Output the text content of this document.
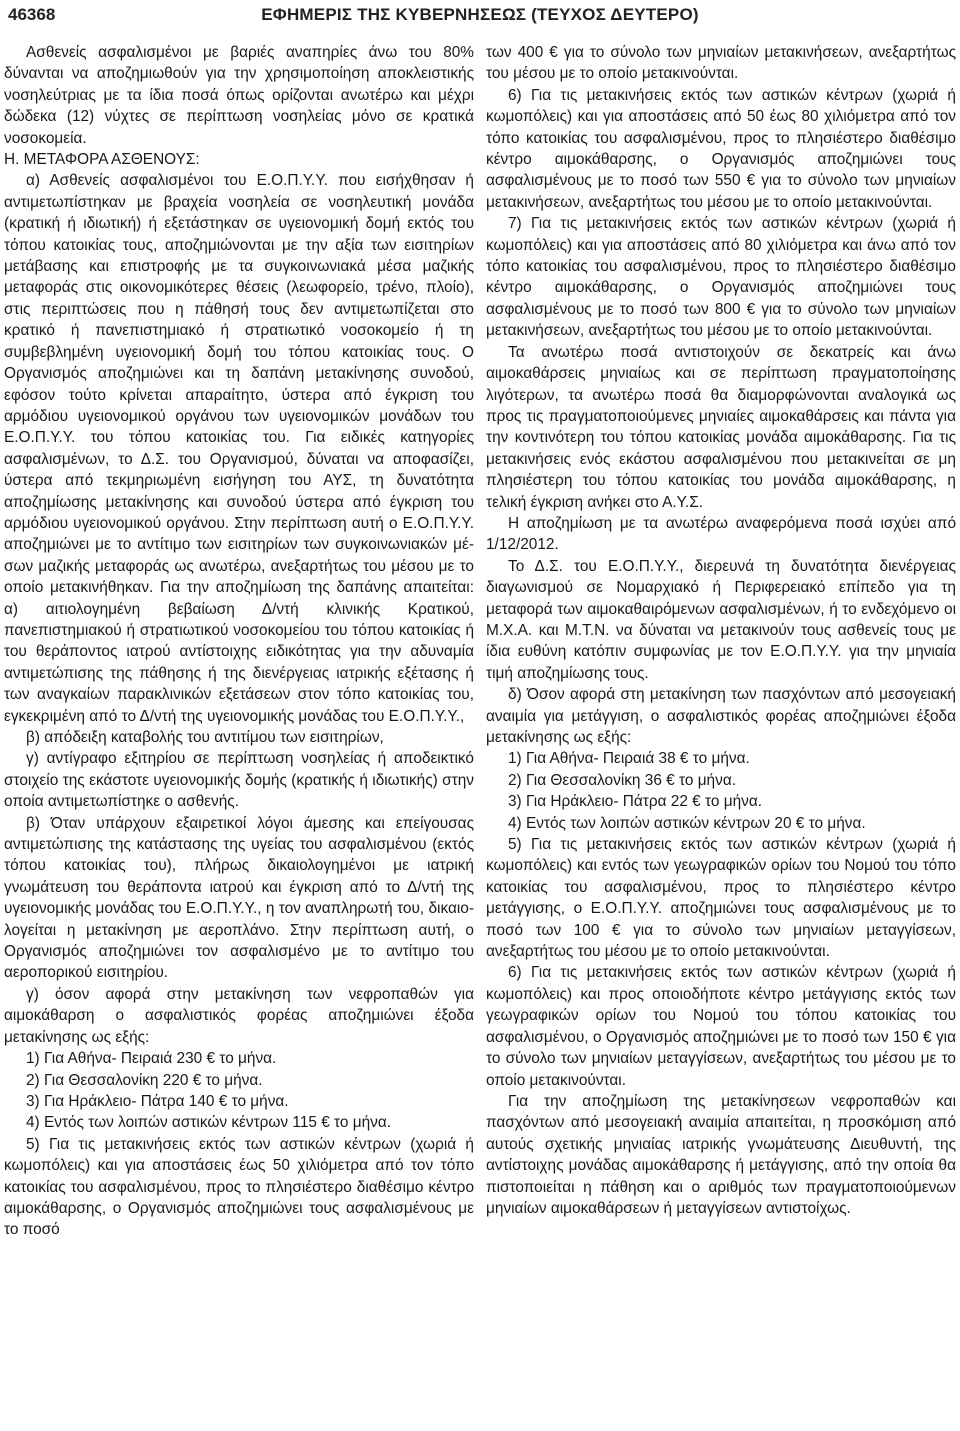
46368	ΕΦΗΜΕΡΙΣ ΤΗΣ ΚΥΒΕΡΝΗΣΕΩΣ (ΤΕΥΧΟΣ ΔΕΥΤΕΡΟ)

Ασθενείς ασφαλισμένοι με βαριές αναπηρίες άνω του 80% δύνανται να αποζημιωθούν για την χρησιμοποίηση αποκλειστικής νοσηλεύτριας με τα ίδια ποσά όπως ορίζονται ανωτέρω και μέχρι δώδεκα (12) νύχτες σε περίπτωση νοσηλείας μόνο σε κρατικά νοσοκομεία.

Η. ΜΕΤΑΦΟΡΑ ΑΣΘΕΝΟΥΣ:

α) Ασθενείς ασφαλισμένοι του Ε.Ο.Π.Υ.Υ. που εισήχθησαν ή αντιμετωπίστηκαν με βραχεία νοσηλεία σε νοσηλευτική μονάδα (κρατική ή ιδιωτική) ή εξετάστηκαν σε υγειονομική δομή εκτός του τόπου κατοικίας τους, αποζημιώνονται με την αξία των εισιτηρίων μετάβασης και επιστροφής με τα συγκοινωνιακά μέσα μαζικής μεταφοράς στις οικονομικότερες θέσεις (λεωφορείο, τρένο, πλοίο), στις περιπτώσεις που η πάθησή τους δεν αντιμετωπίζεται στο κρατικό ή πανεπιστημιακό ή στρατιωτικό νοσοκομείο ή τη συμβεβλημένη υγειονομική δομή του τόπου κατοικίας τους. Ο Οργανισμός αποζημιώνει και τη δαπάνη μετακίνησης συνοδού, εφόσον τούτο κρίνεται απαραίτητο, ύστερα από έγκριση του αρμόδιου υγειονομικού οργάνου των υγειονομικών μονάδων του Ε.Ο.Π.Υ.Υ. του τόπου κατοικίας του. Για ειδικές κατηγορίες ασφαλισμένων, το Δ.Σ. του Οργανισμού, δύναται να αποφασίζει, ύστερα από τεκμηριωμένη εισήγηση του ΑΥΣ, τη δυνατότητα αποζημίωσης μετακίνησης και συνοδού ύστερα από έγκριση του αρμόδιου υγειονομικού οργάνου. Στην περίπτωση αυτή ο Ε.Ο.Π.Υ.Υ. αποζημιώνει με το αντίτιμο των εισιτηρίων των συγκοινωνιακών μέσων μαζικής μεταφοράς ως ανωτέρω, ανεξαρτήτως του μέσου με το οποίο μετακινήθηκαν. Για την αποζημίωση της δαπάνης απαιτείται: α) αιτιολογημένη βεβαίωση Δ/ντή κλινικής Κρατικού, πανεπιστημιακού ή στρατιωτικού νοσοκομείου του τόπου κατοικίας ή του θεράποντος ιατρού αντίστοιχης ειδικότητας για την αδυναμία αντιμετώπισης της πάθησης ή της διενέργειας ιατρικής εξέτασης ή των αναγκαίων παρακλινικών εξετάσεων στον τόπο κατοικίας του, εγκεκριμένη από το Δ/ντή της υγειονομικής μονάδας του Ε.Ο.Π.Υ.Υ.,

β) απόδειξη καταβολής του αντιτίμου των εισιτηρίων,

γ) αντίγραφο εξιτηρίου σε περίπτωση νοσηλείας ή αποδεικτικό στοιχείο της εκάστοτε υγειονομικής δομής (κρατικής ή ιδιωτικής) στην οποία αντιμετωπίστηκε ο ασθενής.

β) Όταν υπάρχουν εξαιρετικοί λόγοι άμεσης και επείγουσας αντιμετώπισης της κατάστασης της υγείας του ασφαλισμένου (εκτός τόπου κατοικίας του), πλήρως δικαιολογημένοι με ιατρική γνωμάτευση του θεράποντα ιατρού και έγκριση από το Δ/ντή της υγειονομικής μονάδας του Ε.Ο.Π.Υ.Υ., η τον αναπληρωτή του, δικαιολογείται η μετακίνηση με αεροπλάνο. Στην περίπτωση αυτή, ο Οργανισμός αποζημιώνει τον ασφαλισμένο με το αντίτιμο του αεροπορικού εισιτηρίου.

γ) όσον αφορά στην μετακίνηση των νεφροπαθών για αιμοκάθαρση ο ασφαλιστικός φορέας αποζημιώνει έξοδα μετακίνησης ως εξής:

1) Για Αθήνα- Πειραιά 230 € το μήνα.

2) Για Θεσσαλονίκη 220 € το μήνα.

3) Για Ηράκλειο- Πάτρα 140 € το μήνα.

4) Εντός των λοιπών αστικών κέντρων 115 € το μήνα.

5) Για τις μετακινήσεις εκτός των αστικών κέντρων (χωριά ή κωμοπόλεις) και για αποστάσεις έως 50 χιλιόμετρα από τον τόπο κατοικίας του ασφαλισμένου, προς το πλησιέστερο διαθέσιμο κέντρο αιμοκάθαρσης, ο Οργανισμός αποζημιώνει τους ασφαλισμένους με το ποσό

των 400 € για το σύνολο των μηνιαίων μετακινήσεων, ανεξαρτήτως του μέσου με το οποίο μετακινούνται.

6) Για τις μετακινήσεις εκτός των αστικών κέντρων (χωριά ή κωμοπόλεις) και για αποστάσεις από 50 έως 80 χιλιόμετρα από τον τόπο κατοικίας του ασφαλισμένου, προς το πλησιέστερο διαθέσιμο κέντρο αιμοκάθαρσης, ο Οργανισμός αποζημιώνει τους ασφαλισμένους με το ποσό των 550 € για το σύνολο των μηνιαίων μετακινήσεων, ανεξαρτήτως του μέσου με το οποίο μετακινούνται.

7) Για τις μετακινήσεις εκτός των αστικών κέντρων (χωριά ή κωμοπόλεις) και για αποστάσεις από 80 χιλιόμετρα και άνω από τον τόπο κατοικίας του ασφαλισμένου, προς το πλησιέστερο διαθέσιμο κέντρο αιμοκάθαρσης, ο Οργανισμός αποζημιώνει τους ασφαλισμένους με το ποσό των 800 € για το σύνολο των μηνιαίων μετακινήσεων, ανεξαρτήτως του μέσου με το οποίο μετακινούνται.

Τα ανωτέρω ποσά αντιστοιχούν σε δεκατρείς και άνω αιμοκαθάρσεις μηνιαίως και σε περίπτωση πραγματοποίησης λιγότερων, τα ανωτέρω ποσά θα διαμορφώνονται αναλογικά ως προς τις πραγματοποιούμενες μηνιαίες αιμοκαθάρσεις και πάντα για την κοντινότερη του τόπου κατοικίας μονάδα αιμοκάθαρσης. Για τις μετακινήσεις ενός εκάστου ασφαλισμένου που μετακινείται σε μη πλησιέστερη του τόπου κατοικίας του μονάδα αιμοκάθαρσης, η τελική έγκριση ανήκει στο Α.Υ.Σ.

Η αποζημίωση με τα ανωτέρω αναφερόμενα ποσά ισχύει από 1/12/2012.

Το Δ.Σ. του Ε.Ο.Π.Υ.Υ., διερευνά τη δυνατότητα διενέργειας διαγωνισμού σε Νομαρχιακό ή Περιφερειακό επίπεδο για τη μεταφορά των αιμοκαθαιρόμενων ασφαλισμένων, ή το ενδεχόμενο οι Μ.Χ.Α. και Μ.Τ.Ν. να δύναται να μετακινούν τους ασθενείς τους με ίδια ευθύνη κατόπιν συμφωνίας με τον Ε.Ο.Π.Υ.Υ. για την μηνιαία τιμή αποζημίωσης τους.

δ) Όσον αφορά στη μετακίνηση των πασχόντων από μεσογειακή αναιμία για μετάγγιση, ο ασφαλιστικός φορέας αποζημιώνει έξοδα μετακίνησης ως εξής:

1) Για Αθήνα- Πειραιά 38 € το μήνα.

2) Για Θεσσαλονίκη 36 € το μήνα.

3) Για Ηράκλειο- Πάτρα 22 € το μήνα.

4) Εντός των λοιπών αστικών κέντρων 20 € το μήνα.

5) Για τις μετακινήσεις εκτός των αστικών κέντρων (χωριά ή κωμοπόλεις) και εντός των γεωγραφικών ορίων του Νομού του τόπο κατοικίας του ασφαλισμένου, προς το πλησιέστερο κέντρο μετάγγισης, ο Ε.Ο.Π.Υ.Υ. αποζημιώνει τους ασφαλισμένους με το ποσό των 100 € για το σύνολο των μηνιαίων μεταγγίσεων, ανεξαρτήτως του μέσου με το οποίο μετακινούνται.

6) Για τις μετακινήσεις εκτός των αστικών κέντρων (χωριά ή κωμοπόλεις) και προς οποιοδήποτε κέντρο μετάγγισης εκτός των γεωγραφικών ορίων του Νομού του τόπου κατοικίας του ασφαλισμένου, ο Οργανισμός αποζημιώνει με το ποσό των 150 € για το σύνολο των μηνιαίων μεταγγίσεων, ανεξαρτήτως του μέσου με το οποίο μετακινούνται.

Για την αποζημίωση της μετακίνησεων νεφροπαθών και πασχόντων από μεσογειακή αναιμία απαιτείται, η προσκόμιση από αυτούς σχετικής μηνιαίας ιατρικής γνωμάτευσης Διευθυντή, της αντίστοιχης μονάδας αιμοκάθαρσης ή μετάγγισης, από την οποία θα πιστοποιείται η πάθηση και ο αριθμός των πραγματοποιούμενων μηνιαίων αιμοκαθάρσεων ή μεταγγίσεων αντιστοίχως.
